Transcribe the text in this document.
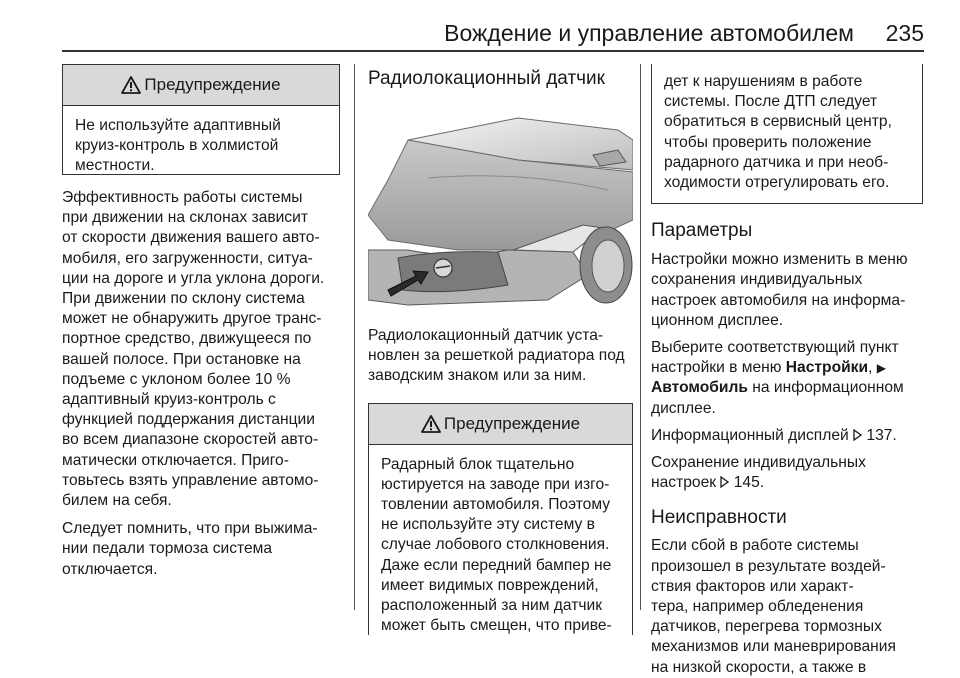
Вождение и управление автомобилем 235
Предупреждение

Не используйте адаптивный

круиз-контроль в холмистой

местности.

Эффективность работы системы

при движении на склонах зависит

от скорости движения вашего авто-

мобиля, его загруженности, ситуа-

ции на дороге и угла уклона дороги.

При движении по склону система

может не обнаружить другое транс-

портное средство, движущееся по

вашей полосе. При остановке на

подъеме с уклоном более 10 %

адаптивный круиз-контроль с

функцией поддержания дистанции

во всем диапазоне скоростей авто-

матически отключается. Приго-

товьтесь взять управление автомо-

билем на себя.

Следует помнить, что при выжима-

нии педали тормоза система

отключается.

Радиолокационный датчик

Радиолокационный датчик уста-

новлен за решеткой радиатора под

заводским знаком или за ним.

Предупреждение

Радарный блок тщательно

юстируется на заводе при изго-

товлении автомобиля. Поэтому

не используйте эту систему в

случае лобового столкновения.

Даже если передний бампер не

имеет видимых повреждений,

расположенный за ним датчик

может быть смещен, что приве-

дет к нарушениям в работе

системы. После ДТП следует

обратиться в сервисный центр,

чтобы проверить положение

радарного датчика и при необ-

ходимости отрегулировать его.

Параметры

Настройки можно изменить в меню

сохранения индивидуальных

настроек автомобиля на информа-

ционном дисплее.

Выберите соответствующий пункт

настройки в меню Настройки, ▶

Автомобиль на информационном

дисплее.

Информационный дисплей  137.

Сохранение индивидуальных

настроек  145.

Неисправности

Если сбой в работе системы

произошел в результате воздей-

ствия факторов или характ-

тера, например обледенения

датчиков, перегрева тормозных

механизмов или маневрирования

на низкой скорости, а также в
